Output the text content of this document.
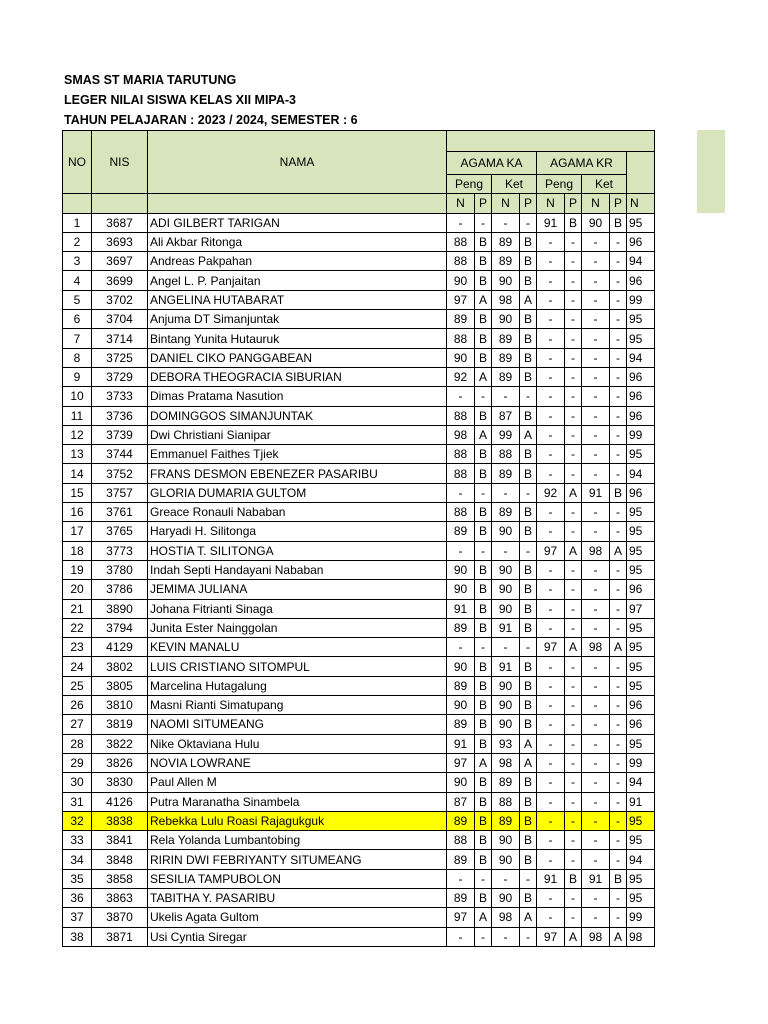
SMAS ST MARIA TARUTUNG
LEGER NILAI SISWA KELAS XII MIPA-3
TAHUN PELAJARAN : 2023 / 2024, SEMESTER : 6
NO	NIS	NAMA									
			AGAMA KA				AGAMA KR				
			Peng		Ket		Peng		Ket		
			N	P	N	P	N	P	N	P	N
1	3687	ADI GILBERT TARIGAN	-	-	-	-	91	B	90	B	95
2	3693	Ali Akbar Ritonga	88	B	89	B	-	-	-	-	96
3	3697	Andreas Pakpahan	88	B	89	B	-	-	-	-	94
4	3699	Angel L. P. Panjaitan	90	B	90	B	-	-	-	-	96
5	3702	ANGELINA HUTABARAT	97	A	98	A	-	-	-	-	99
6	3704	Anjuma DT Simanjuntak	89	B	90	B	-	-	-	-	95
7	3714	Bintang Yunita Hutauruk	88	B	89	B	-	-	-	-	95
8	3725	DANIEL CIKO PANGGABEAN	90	B	89	B	-	-	-	-	94
9	3729	DEBORA THEOGRACIA SIBURIAN	92	A	89	B	-	-	-	-	96
10	3733	Dimas Pratama Nasution	-	-	-	-	-	-	-	-	96
11	3736	DOMINGGOS SIMANJUNTAK	88	B	87	B	-	-	-	-	96
12	3739	Dwi Christiani Sianipar	98	A	99	A	-	-	-	-	99
13	3744	Emmanuel Faithes Tjiek	88	B	88	B	-	-	-	-	95
14	3752	FRANS DESMON EBENEZER PASARIBU	88	B	89	B	-	-	-	-	94
15	3757	GLORIA DUMARIA GULTOM	-	-	-	-	92	A	91	B	96
16	3761	Greace Ronauli Nababan	88	B	89	B	-	-	-	-	95
17	3765	Haryadi H. Silitonga	89	B	90	B	-	-	-	-	95
18	3773	HOSTIA T. SILITONGA	-	-	-	-	97	A	98	A	95
19	3780	Indah Septi Handayani Nababan	90	B	90	B	-	-	-	-	95
20	3786	JEMIMA JULIANA	90	B	90	B	-	-	-	-	96
21	3890	Johana Fitrianti Sinaga	91	B	90	B	-	-	-	-	97
22	3794	Junita Ester Nainggolan	89	B	91	B	-	-	-	-	95
23	4129	KEVIN MANALU	-	-	-	-	97	A	98	A	95
24	3802	LUIS CRISTIANO SITOMPUL	90	B	91	B	-	-	-	-	95
25	3805	Marcelina Hutagalung	89	B	90	B	-	-	-	-	95
26	3810	Masni Rianti Simatupang	90	B	90	B	-	-	-	-	96
27	3819	NAOMI SITUMEANG	89	B	90	B	-	-	-	-	96
28	3822	Nike Oktaviana Hulu	91	B	93	A	-	-	-	-	95
29	3826	NOVIA LOWRANE	97	A	98	A	-	-	-	-	99
30	3830	Paul Allen M	90	B	89	B	-	-	-	-	94
31	4126	Putra Maranatha Sinambela	87	B	88	B	-	-	-	-	91
32	3838	Rebekka Lulu Roasi Rajagukguk	89	B	89	B	-	-	-	-	95
33	3841	Rela Yolanda Lumbantobing	88	B	90	B	-	-	-	-	95
34	3848	RIRIN DWI FEBRIYANTY SITUMEANG	89	B	90	B	-	-	-	-	94
35	3858	SESILIA TAMPUBOLON	-	-	-	-	91	B	91	B	95
36	3863	TABITHA Y. PASARIBU	89	B	90	B	-	-	-	-	95
37	3870	Ukelis Agata Gultom	97	A	98	A	-	-	-	-	99
38	3871	Usi Cyntia Siregar	-	-	-	-	97	A	98	A	98
